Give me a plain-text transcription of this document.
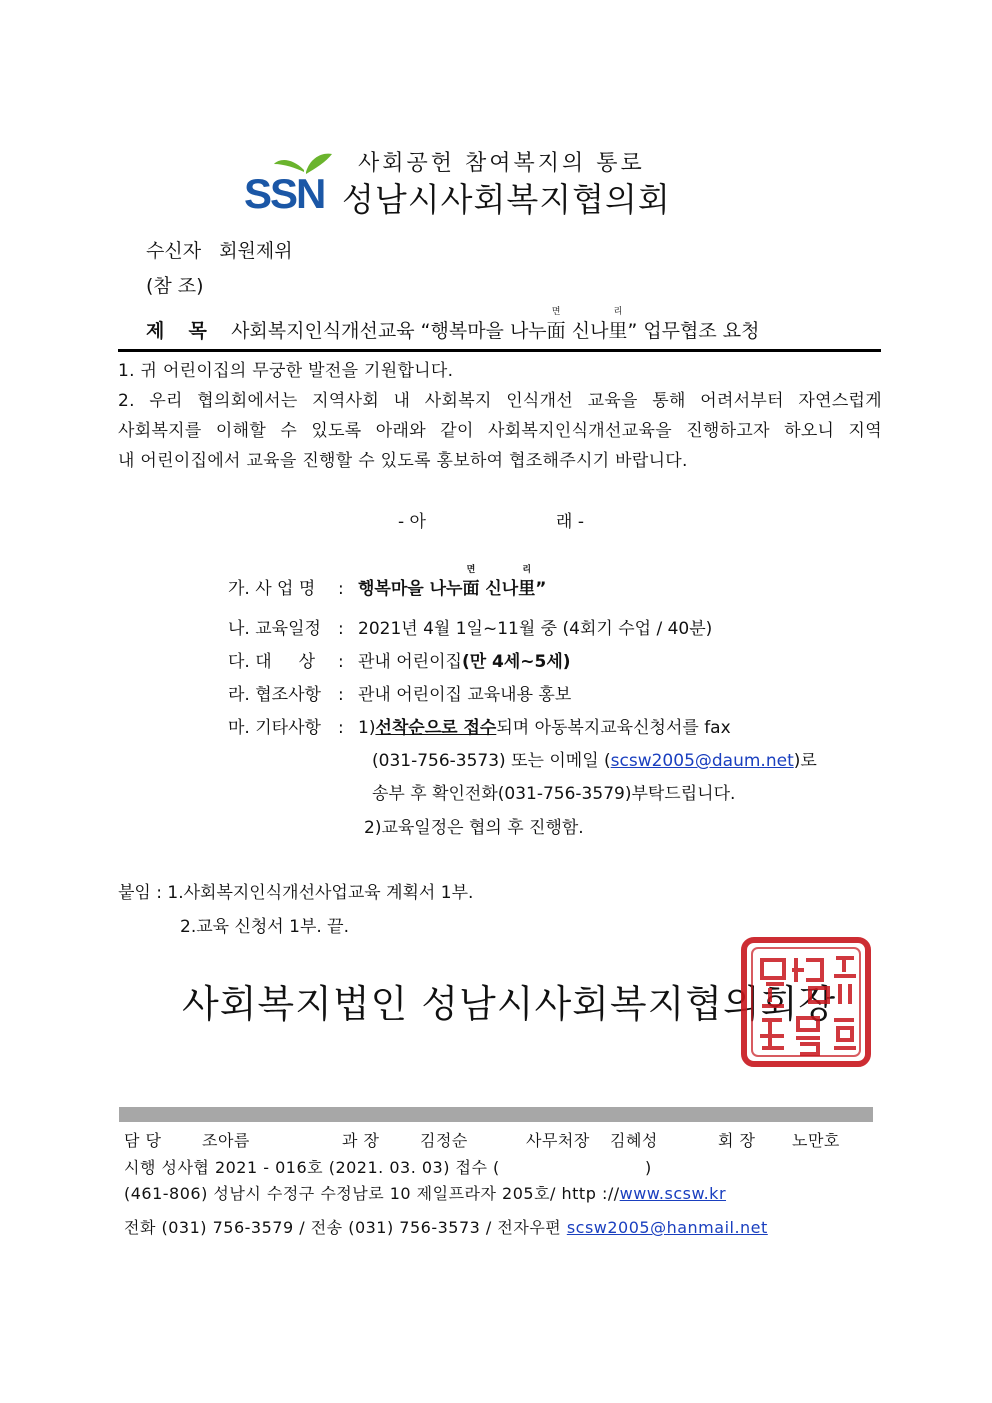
SSN
사회공헌 참여복지의 통로
성남시사회복지협의회
수신자 회원제위
(참 조)
제 목 사회복지인식개선교육 “행복마을 나누
면
面 신나
리
里” 업무협조 요청
1. 귀 어린이집의 무궁한 발전을 기원합니다.
2. 우리 협의회에서는 지역사회 내 사회복지 인식개선 교육을 통해 어려서부터 자연스럽게
사회복지를 이해할 수 있도록 아래와 같이 사회복지인식개선교육을 진행하고자 하오니 지역
내 어린이집에서 교육을 진행할 수 있도록 홍보하여 협조해주시기 바랍니다.
- 아	래 -
가. 사 업 명 : 행복마을 나누
면
面 신나
리
里”
나. 교육일정 : 2021년 4월 1일~11월 중 (4회기 수업 / 40분)
다. 대     상 : 관내 어린이집(만 4세~5세)
라. 협조사항 : 관내 어린이집 교육내용 홍보
마. 기타사항 : 1)선착순으로 접수되며 아동복지교육신청서를 fax
(031-756-3573) 또는 이메일 (scsw2005@daum.net)로
송부 후 확인전화(031-756-3579)부탁드립니다.
2)교육일정은 협의 후 진행함.
붙임 : 1.사회복지인식개선사업교육 계획서 1부.
2.교육 신청서 1부. 끝.
사회복지법인 성남시사회복지협의회장
담 당	조아름	과 장	김정순	사무처장 김혜성	회 장 노만호
시행 성사협 2021 - 016호 (2021. 03. 03) 접수 (                          )
(461-806) 성남시 수정구 수정남로 10 제일프라자 205호/ http ://www.scsw.kr
전화 (031) 756-3579 / 전송 (031) 756-3573 / 전자우편 scsw2005@hanmail.net
